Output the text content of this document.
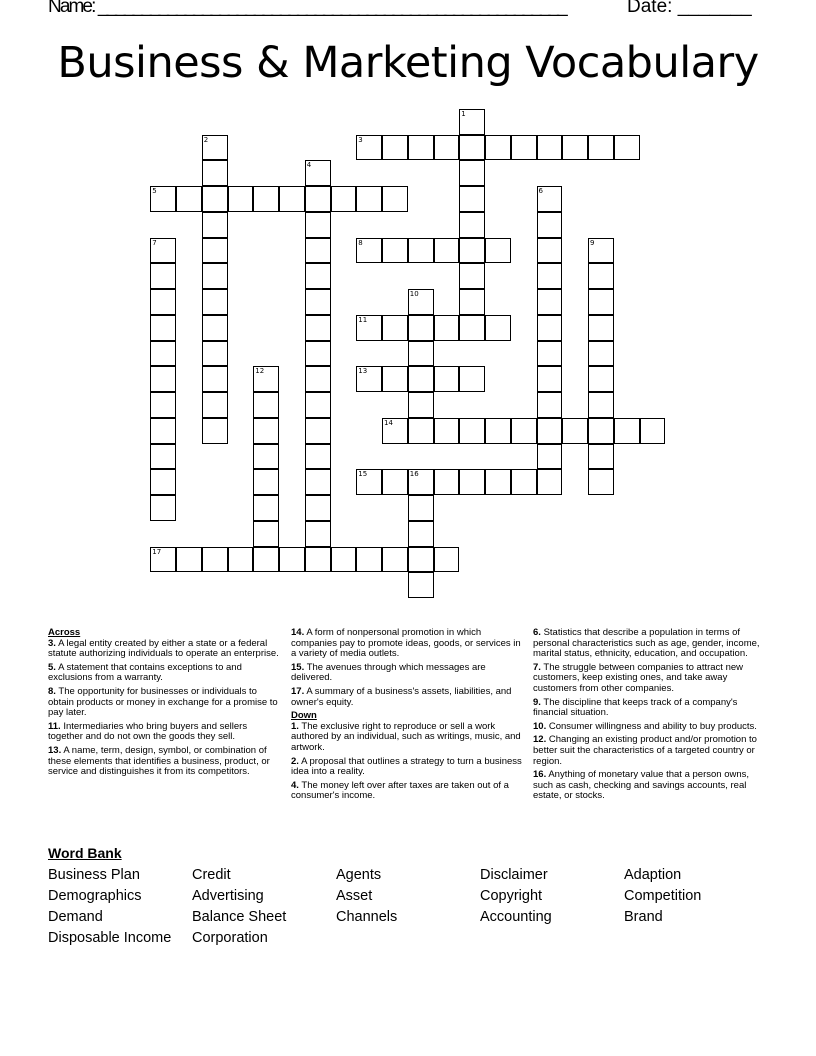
Name: ______________________________________________________	Date: _______
Business & Marketing Vocabulary
1
2	3
4
5	6
7	8	9
10
11
12	13
14
15	16
17
Across
3. A legal entity created by either a state or a federal statute authorizing individuals to operate an enterprise.
5. A statement that contains exceptions to and exclusions from a warranty.
8. The opportunity for businesses or individuals to obtain products or money in exchange for a promise to pay later.
11. Intermediaries who bring buyers and sellers together and do not own the goods they sell.
13. A name, term, design, symbol, or combination of these elements that identifies a business, product, or service and distinguishes it from its competitors.
14. A form of nonpersonal promotion in which companies pay to promote ideas, goods, or services in a variety of media outlets.
15. The avenues through which messages are delivered.
17. A summary of a business's assets, liabilities, and owner's equity.
Down
1. The exclusive right to reproduce or sell a work authored by an individual, such as writings, music, and artwork.
2. A proposal that outlines a strategy to turn a business idea into a reality.
4. The money left over after taxes are taken out of a consumer's income.
6. Statistics that describe a population in terms of personal characteristics such as age, gender, income, marital status, ethnicity, education, and occupation.
7. The struggle between companies to attract new customers, keep existing ones, and take away customers from other companies.
9. The discipline that keeps track of a company's financial situation.
10. Consumer willingness and ability to buy products.
12. Changing an existing product and/or promotion to better suit the characteristics of a targeted country or region.
16. Anything of monetary value that a person owns, such as cash, checking and savings accounts, real estate, or stocks.
Word Bank
Business Plan	Credit	Agents	Disclaimer	Adaption
Demographics	Advertising	Asset	Copyright	Competition
Demand	Balance Sheet	Channels	Accounting	Brand
Disposable Income	Corporation
